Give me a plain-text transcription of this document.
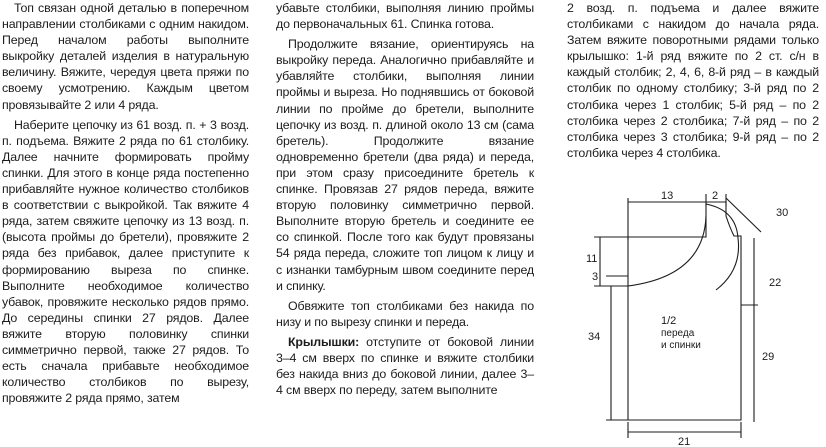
Топ связан одной деталью в поперечном направлении столбиками с одним накидом. Перед началом работы выполните выкройку деталей изделия в натуральную величину. Вяжите, чередуя цвета пряжи по своему усмотрению. Каждым цветом провязывайте 2 или 4 ряда.

Наберите цепочку из 61 возд. п. + 3 возд. п. подъема. Вяжите 2 ряда по 61 столбику. Далее начните формировать пройму спинки. Для этого в конце ряда постепенно прибавляйте нужное количество столбиков в соответствии с выкройкой. Так вяжите 4 ряда, затем свяжите цепочку из 13 возд. п. (высота проймы до бретели), провяжите 2 ряда без прибавок, далее приступите к формированию выреза по спинке. Выполните необходимое количество убавок, провяжите несколько рядов прямо. До середины спинки 27 рядов. Далее вяжите вторую половинку спинки симметрично первой, также 27 рядов. То есть сначала прибавьте необходимое количество столбиков по вырезу, провяжите 2 ряда прямо, затем

убавьте столбики, выполняя линию проймы до первоначальных 61. Спинка готова.

Продолжите вязание, ориентируясь на выкройку переда. Аналогично прибавляйте и убавляйте столбики, выполняя линии проймы и выреза. Но поднявшись от боковой линии по пройме до бретели, выполните цепочку из возд. п. длиной около 13 см (сама бретель). Продолжите вязание одновременно бретели (два ряда) и переда, при этом сразу присоедините бретель к спинке. Провязав 27 рядов переда, вяжите вторую половинку симметрично первой. Выполните вторую бретель и соедините ее со спинкой. После того как будут провязаны 54 ряда переда, сложите топ лицом к лицу и с изнанки тамбурным швом соедините перед и спинку.

Обвяжите топ столбиками без накида по низу и по вырезу спинки и переда.

Крылышки: отступите от боковой линии 3–4 см вверх по спинке и вяжите столбики без накида вниз до боковой линии, далее 3–4 см вверх по переду, затем выполните

2 возд. п. подъема и далее вяжите столбиками с накидом до начала ряда. Затем вяжите поворотными рядами только крылышко: 1-й ряд вяжите по 2 ст. с/н в каждый столбик; 2, 4, 6, 8-й ряд – в каждый столбик по одному столбику; 3-й ряд по 2 столбика через 1 столбик; 5-й ряд – по 2 столбика через 2 столбика; 7-й ряд – по 2 столбика через 3 столбика; 9-й ряд – по 2 столбика через 4 столбика.

13	2
30
11
3	22
34
29
21
1/2
переда
и спинки
